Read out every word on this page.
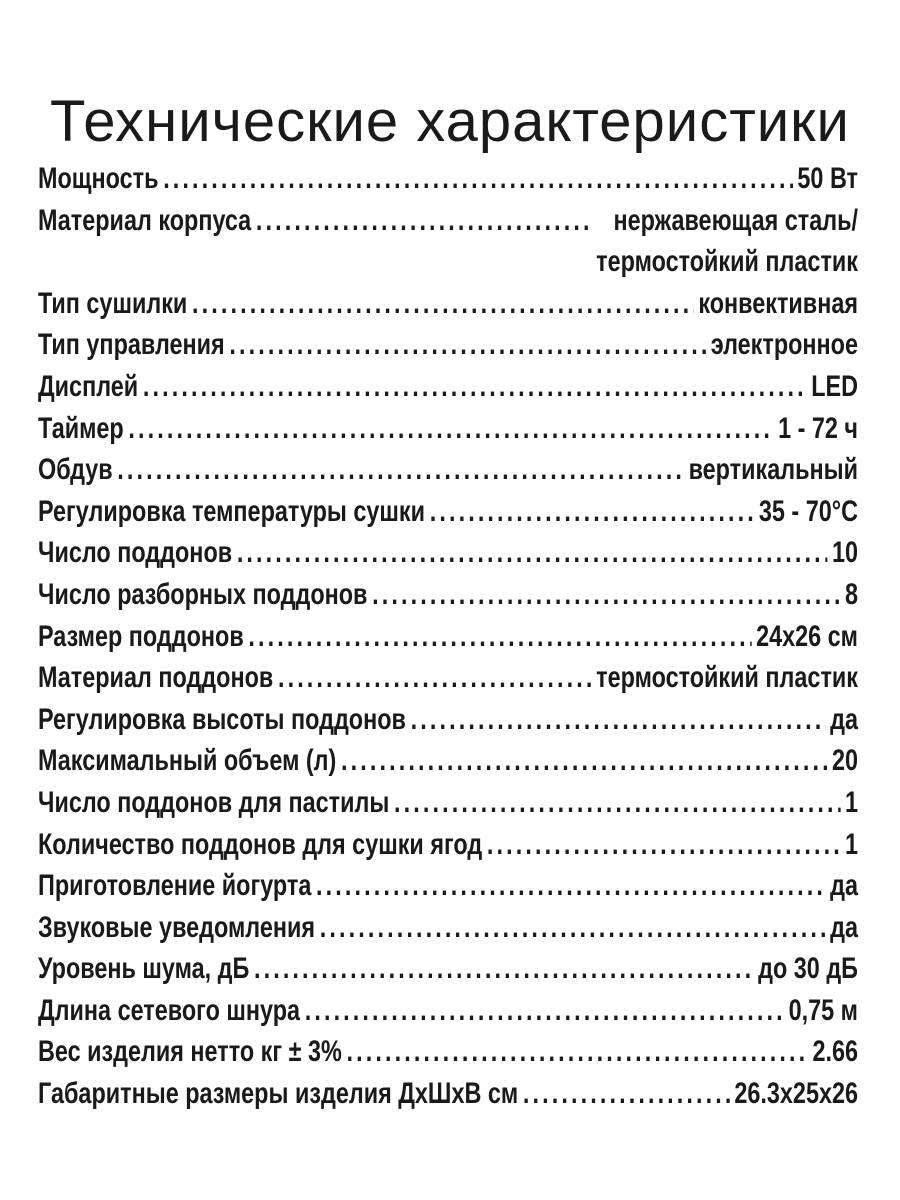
Технические характеристики
Мощность .....	50 Вт
Материал корпуса .....	нержавеющая сталь/
термостойкий пластик
Тип сушилки .....	конвективная
Тип управления .....	электронное
Дисплей .....	LED
Таймер .....	1 - 72 ч
Обдув .....	вертикальный
Регулировка температуры сушки .....	35 - 70°С
Число поддонов .....	10
Число разборных поддонов .....	8
Размер поддонов .....	24х26 см
Материал поддонов .....	термостойкий пластик
Регулировка высоты поддонов .....	да
Максимальный объем (л) .....	20
Число поддонов для пастилы .....	1
Количество поддонов для сушки ягод .....	1
Приготовление йогурта .....	да
Звуковые уведомления .....	да
Уровень шума, дБ .....	до 30 дБ
Длина сетевого шнура .....	0,75 м
Вес изделия нетто кг ± 3% .....	2.66
Габаритные размеры изделия ДхШхВ см .....	26.3х25х26
